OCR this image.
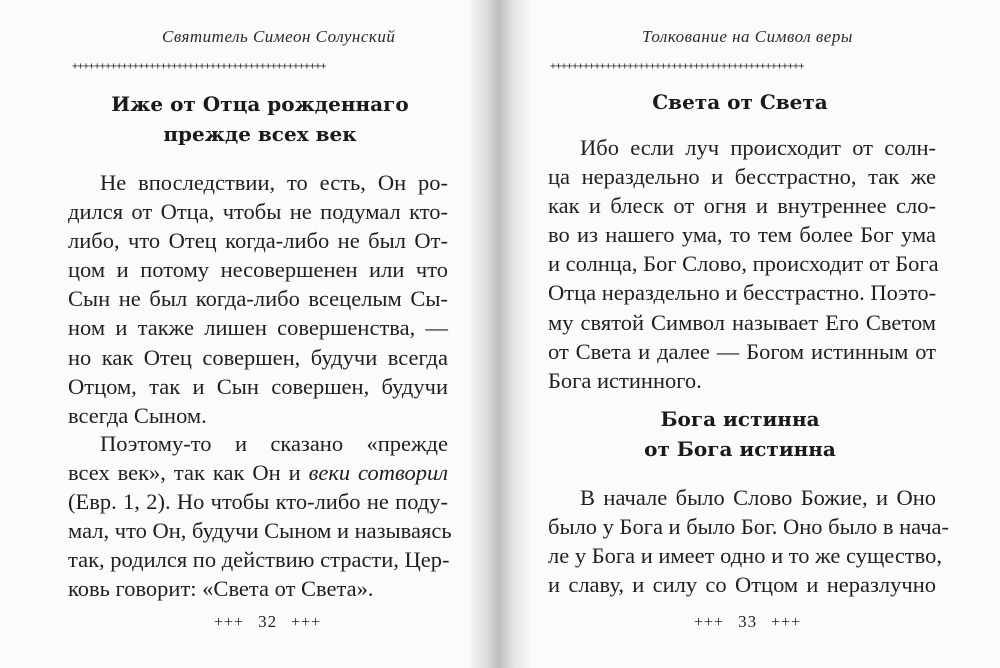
Святитель Симеон Солунский
++++++++++++++++++++++++++++++++++++++++++++++
Иже от Отца рожденнаго
прежде всех век
Не впоследствии, то есть, Он ро-
дился от Отца, чтобы не подумал кто-
либо, что Отец когда-либо не был От-
цом и потому несовершенен или что
Сын не был когда-либо всецелым Сы-
ном и также лишен совершенства, —
но как Отец совершен, будучи всегда
Отцом, так и Сын совершен, будучи
всегда Сыном.
Поэтому-то и сказано «прежде
всех век», так как Он и веки сотворил
(Евр. 1, 2). Но чтобы кто-либо не поду-
мал, что Он, будучи Сыном и называясь
так, родился по действию страсти, Цер-
ковь говорит: «Света от Света».
+++ 32 +++
Толкование на Символ веры
++++++++++++++++++++++++++++++++++++++++++++++
Света от Света
Ибо если луч происходит от солн-
ца нераздельно и бесстрастно, так же
как и блеск от огня и внутреннее сло-
во из нашего ума, то тем более Бог ума
и солнца, Бог Слово, происходит от Бога
Отца нераздельно и бесстрастно. Поэто-
му святой Символ называет Его Светом
от Света и далее — Богом истинным от
Бога истинного.
Бога истинна
от Бога истинна
В начале было Слово Божие, и Оно
было у Бога и было Бог. Оно было в нача-
ле у Бога и имеет одно и то же существо,
и славу, и силу со Отцом и неразлучно
+++ 33 +++
